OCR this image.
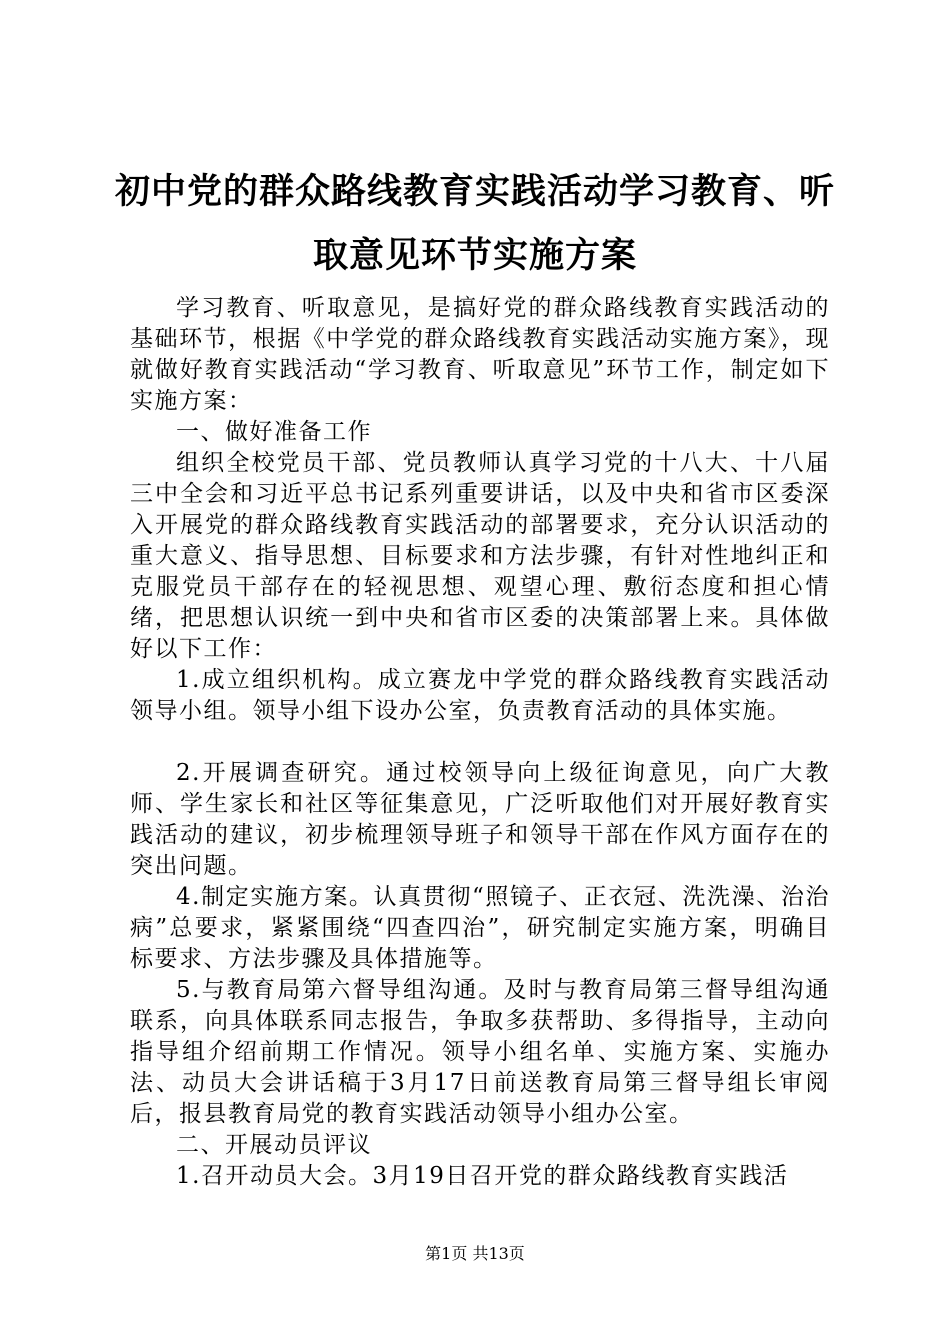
初中党的群众路线教育实践活动学习教育、听取意见环节实施方案

学习教育、听取意见，是搞好党的群众路线教育实践活动的基础环节，根据《中学党的群众路线教育实践活动实施方案》，现就做好教育实践活动“学习教育、听取意见”环节工作，制定如下实施方案：

一、做好准备工作

组织全校党员干部、党员教师认真学习党的十八大、十八届三中全会和习近平总书记系列重要讲话，以及中央和省市区委深入开展党的群众路线教育实践活动的部署要求，充分认识活动的重大意义、指导思想、目标要求和方法步骤，有针对性地纠正和克服党员干部存在的轻视思想、观望心理、敷衍态度和担心情绪，把思想认识统一到中央和省市区委的决策部署上来。具体做好以下工作：

1.成立组织机构。成立赛龙中学党的群众路线教育实践活动领导小组。领导小组下设办公室，负责教育活动的具体实施。

2.开展调查研究。通过校领导向上级征询意见，向广大教师、学生家长和社区等征集意见，广泛听取他们对开展好教育实践活动的建议，初步梳理领导班子和领导干部在作风方面存在的突出问题。

4.制定实施方案。认真贯彻“照镜子、正衣冠、洗洗澡、治治病”总要求，紧紧围绕“四查四治”，研究制定实施方案，明确目标要求、方法步骤及具体措施等。

5.与教育局第六督导组沟通。及时与教育局第三督导组沟通联系，向具体联系同志报告，争取多获帮助、多得指导，主动向指导组介绍前期工作情况。领导小组名单、实施方案、实施办法、动员大会讲话稿于3月17日前送教育局第三督导组长审阅后，报县教育局党的教育实践活动领导小组办公室。

二、开展动员评议

1.召开动员大会。3月19日召开党的群众路线教育实践活

第1页 共13页
